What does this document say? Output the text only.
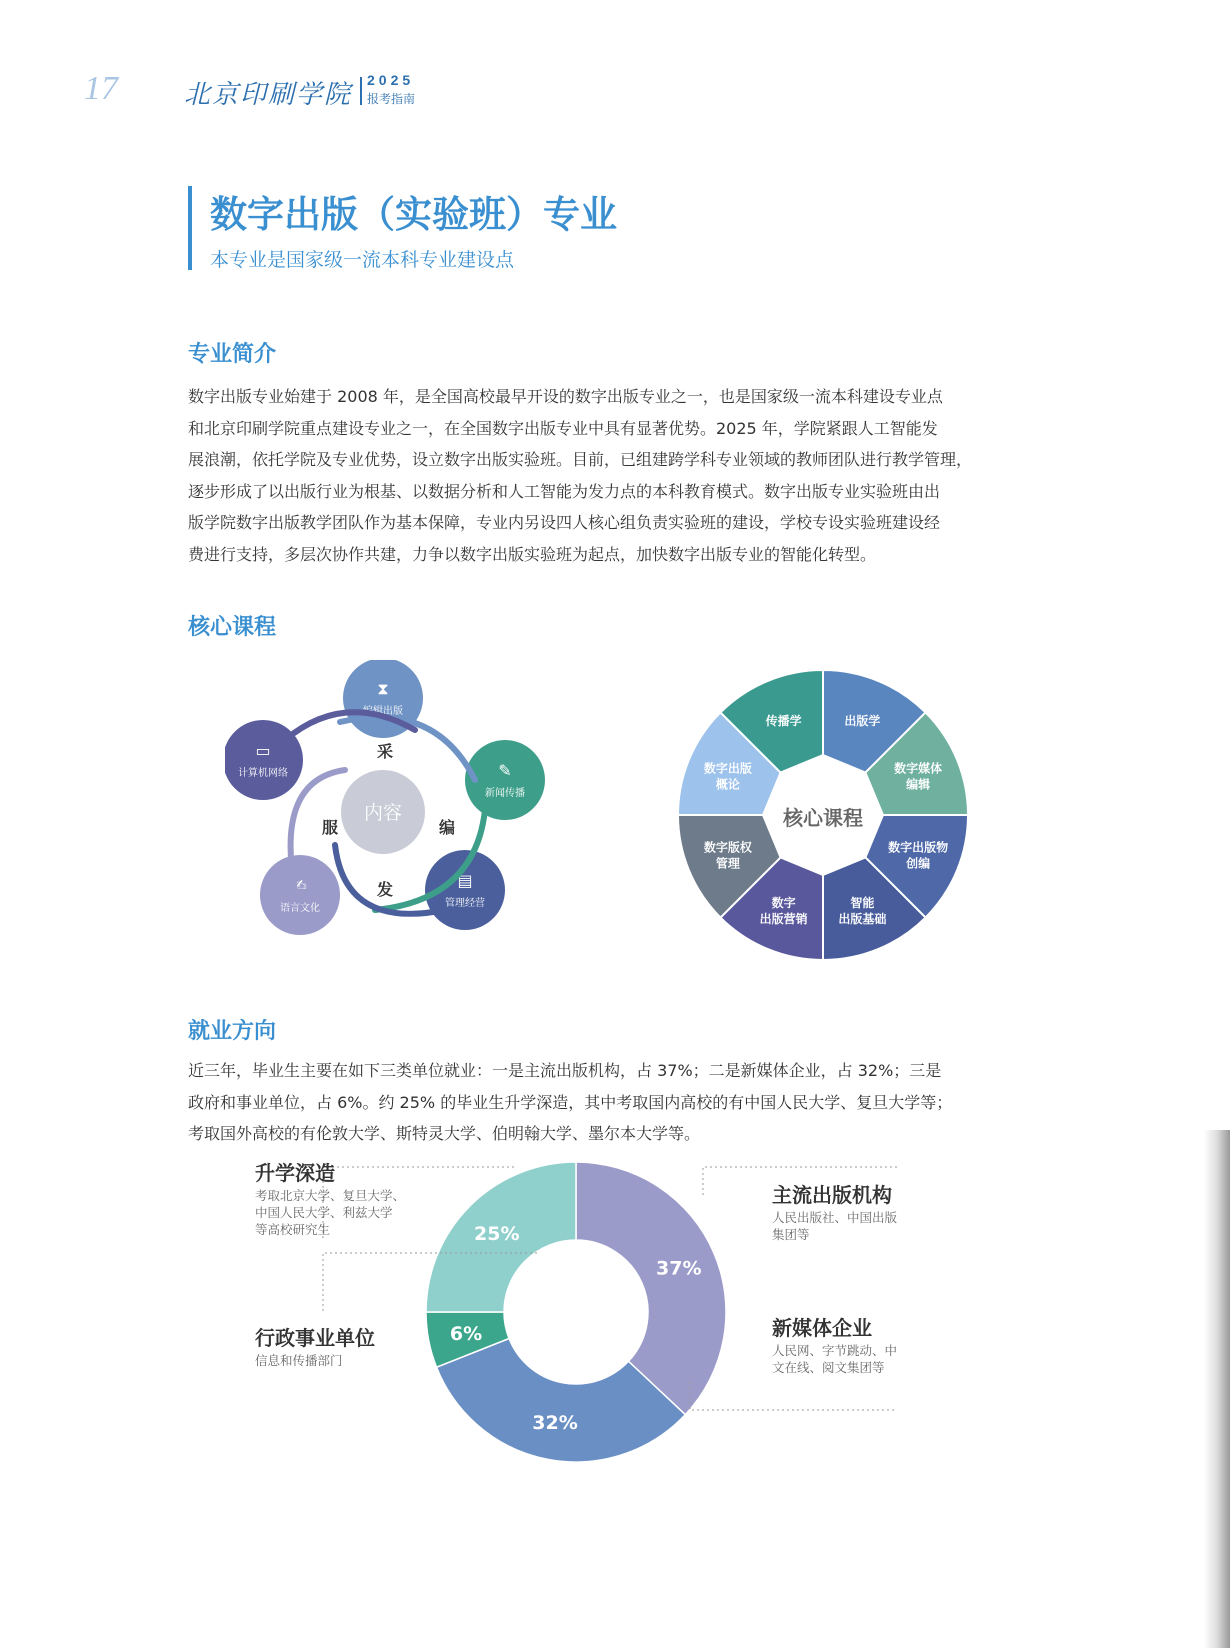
17	北京印刷学院 2025
报考指南
数字出版（实验班）专业
本专业是国家级一流本科专业建设点
专业简介
数字出版专业始建于 2008 年，是全国高校最早开设的数字出版专业之一，也是国家级一流本科建设专业点
和北京印刷学院重点建设专业之一，在全国数字出版专业中具有显著优势。2025 年，学院紧跟人工智能发
展浪潮，依托学院及专业优势，设立数字出版实验班。目前，已组建跨学科专业领域的教师团队进行教学管理，
逐步形成了以出版行业为根基、以数据分析和人工智能为发力点的本科教育模式。数字出版专业实验班由出
版学院数字出版教学团队作为基本保障，专业内另设四人核心组负责实验班的建设，学校专设实验班建设经
费进行支持，多层次协作共建，力争以数字出版实验班为起点，加快数字出版专业的智能化转型。
核心课程
⧗
编辑出版
✎
新闻传播
▤
管理经营
✍
语言文化
▭
计算机网络
内容
采
编
发
服
出版学
数字媒体
编辑
数字出版物
创编
智能
出版基础
数字
出版营销
数字版权
管理
数字出版
概论
传播学
核心课程
就业方向
近三年，毕业生主要在如下三类单位就业：一是主流出版机构，占 37%；二是新媒体企业，占 32%；三是
政府和事业单位，占 6%。约 25% 的毕业生升学深造，其中考取国内高校的有中国人民大学、复旦大学等；
考取国外高校的有伦敦大学、斯特灵大学、伯明翰大学、墨尔本大学等。
37%
32%
6%
25%
主流出版机构
人民出版社、中国出版
集团等
新媒体企业
人民网、字节跳动、中
文在线、阅文集团等
行政事业单位
信息和传播部门
升学深造
考取北京大学、复旦大学、
中国人民大学、利兹大学
等高校研究生
